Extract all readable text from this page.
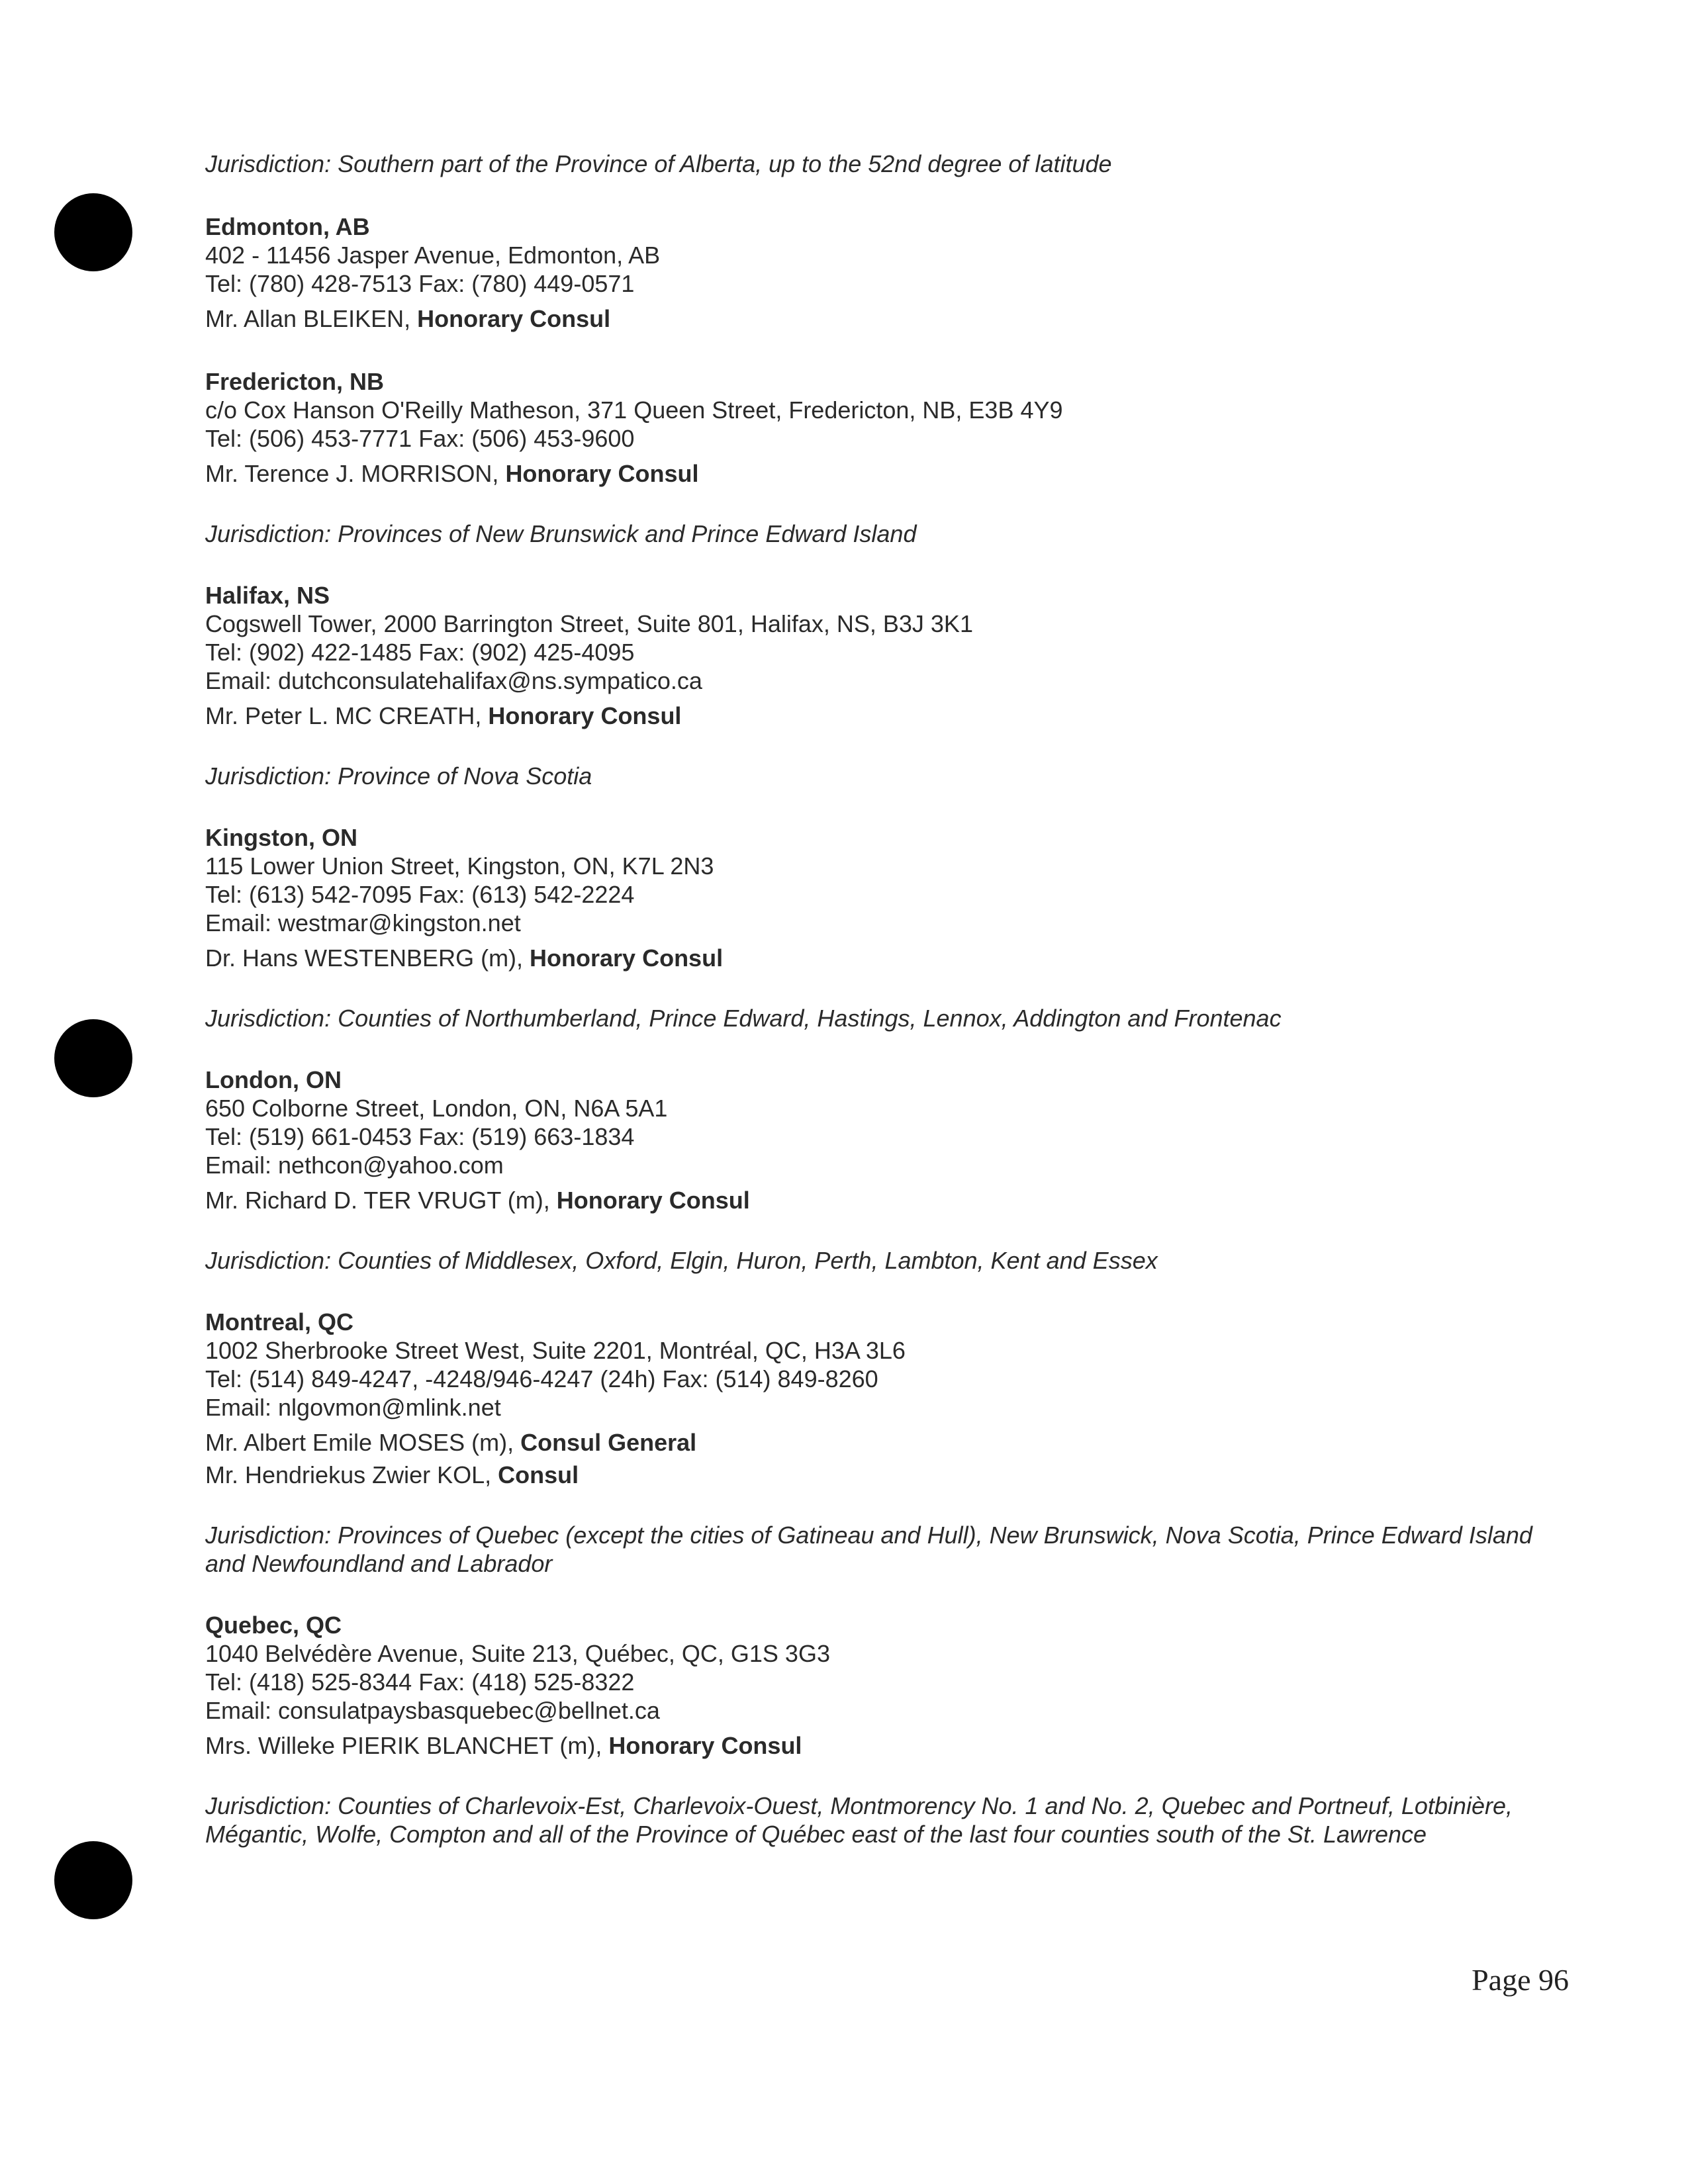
Jurisdiction: Southern part of the Province of Alberta, up to the 52nd degree of latitude

Edmonton, AB

402 - 11456 Jasper Avenue, Edmonton, AB

Tel: (780) 428-7513 Fax: (780) 449-0571

Mr. Allan BLEIKEN, Honorary Consul

Fredericton, NB

c/o Cox Hanson O'Reilly Matheson, 371 Queen Street, Fredericton, NB, E3B 4Y9

Tel: (506) 453-7771 Fax: (506) 453-9600

Mr. Terence J. MORRISON, Honorary Consul

Jurisdiction: Provinces of New Brunswick and Prince Edward Island

Halifax, NS

Cogswell Tower, 2000 Barrington Street, Suite 801, Halifax, NS, B3J 3K1

Tel: (902) 422-1485 Fax: (902) 425-4095

Email: dutchconsulatehalifax@ns.sympatico.ca

Mr. Peter L. MC CREATH, Honorary Consul

Jurisdiction: Province of Nova Scotia

Kingston, ON

115 Lower Union Street, Kingston, ON, K7L 2N3

Tel: (613) 542-7095 Fax: (613) 542-2224

Email: westmar@kingston.net

Dr. Hans WESTENBERG (m), Honorary Consul

Jurisdiction: Counties of Northumberland, Prince Edward, Hastings, Lennox, Addington and Frontenac

London, ON

650 Colborne Street, London, ON, N6A 5A1

Tel: (519) 661-0453 Fax: (519) 663-1834

Email: nethcon@yahoo.com

Mr. Richard D. TER VRUGT (m), Honorary Consul

Jurisdiction: Counties of Middlesex, Oxford, Elgin, Huron, Perth, Lambton, Kent and Essex

Montreal, QC

1002 Sherbrooke Street West, Suite 2201, Montréal, QC, H3A 3L6

Tel: (514) 849-4247, -4248/946-4247 (24h) Fax: (514) 849-8260

Email: nlgovmon@mlink.net

Mr. Albert Emile MOSES (m), Consul General

Mr. Hendriekus Zwier KOL, Consul

Jurisdiction: Provinces of Quebec (except the cities of Gatineau and Hull), New Brunswick, Nova Scotia, Prince Edward Island and Newfoundland and Labrador

Quebec, QC

1040 Belvédère Avenue, Suite 213, Québec, QC, G1S 3G3

Tel: (418) 525-8344 Fax: (418) 525-8322

Email: consulatpaysbasquebec@bellnet.ca

Mrs. Willeke PIERIK BLANCHET (m), Honorary Consul

Jurisdiction: Counties of Charlevoix-Est, Charlevoix-Ouest, Montmorency No. 1 and No. 2, Quebec and Portneuf, Lotbinière, Mégantic, Wolfe, Compton and all of the Province of Québec east of the last four counties south of the St. Lawrence

Page 96
